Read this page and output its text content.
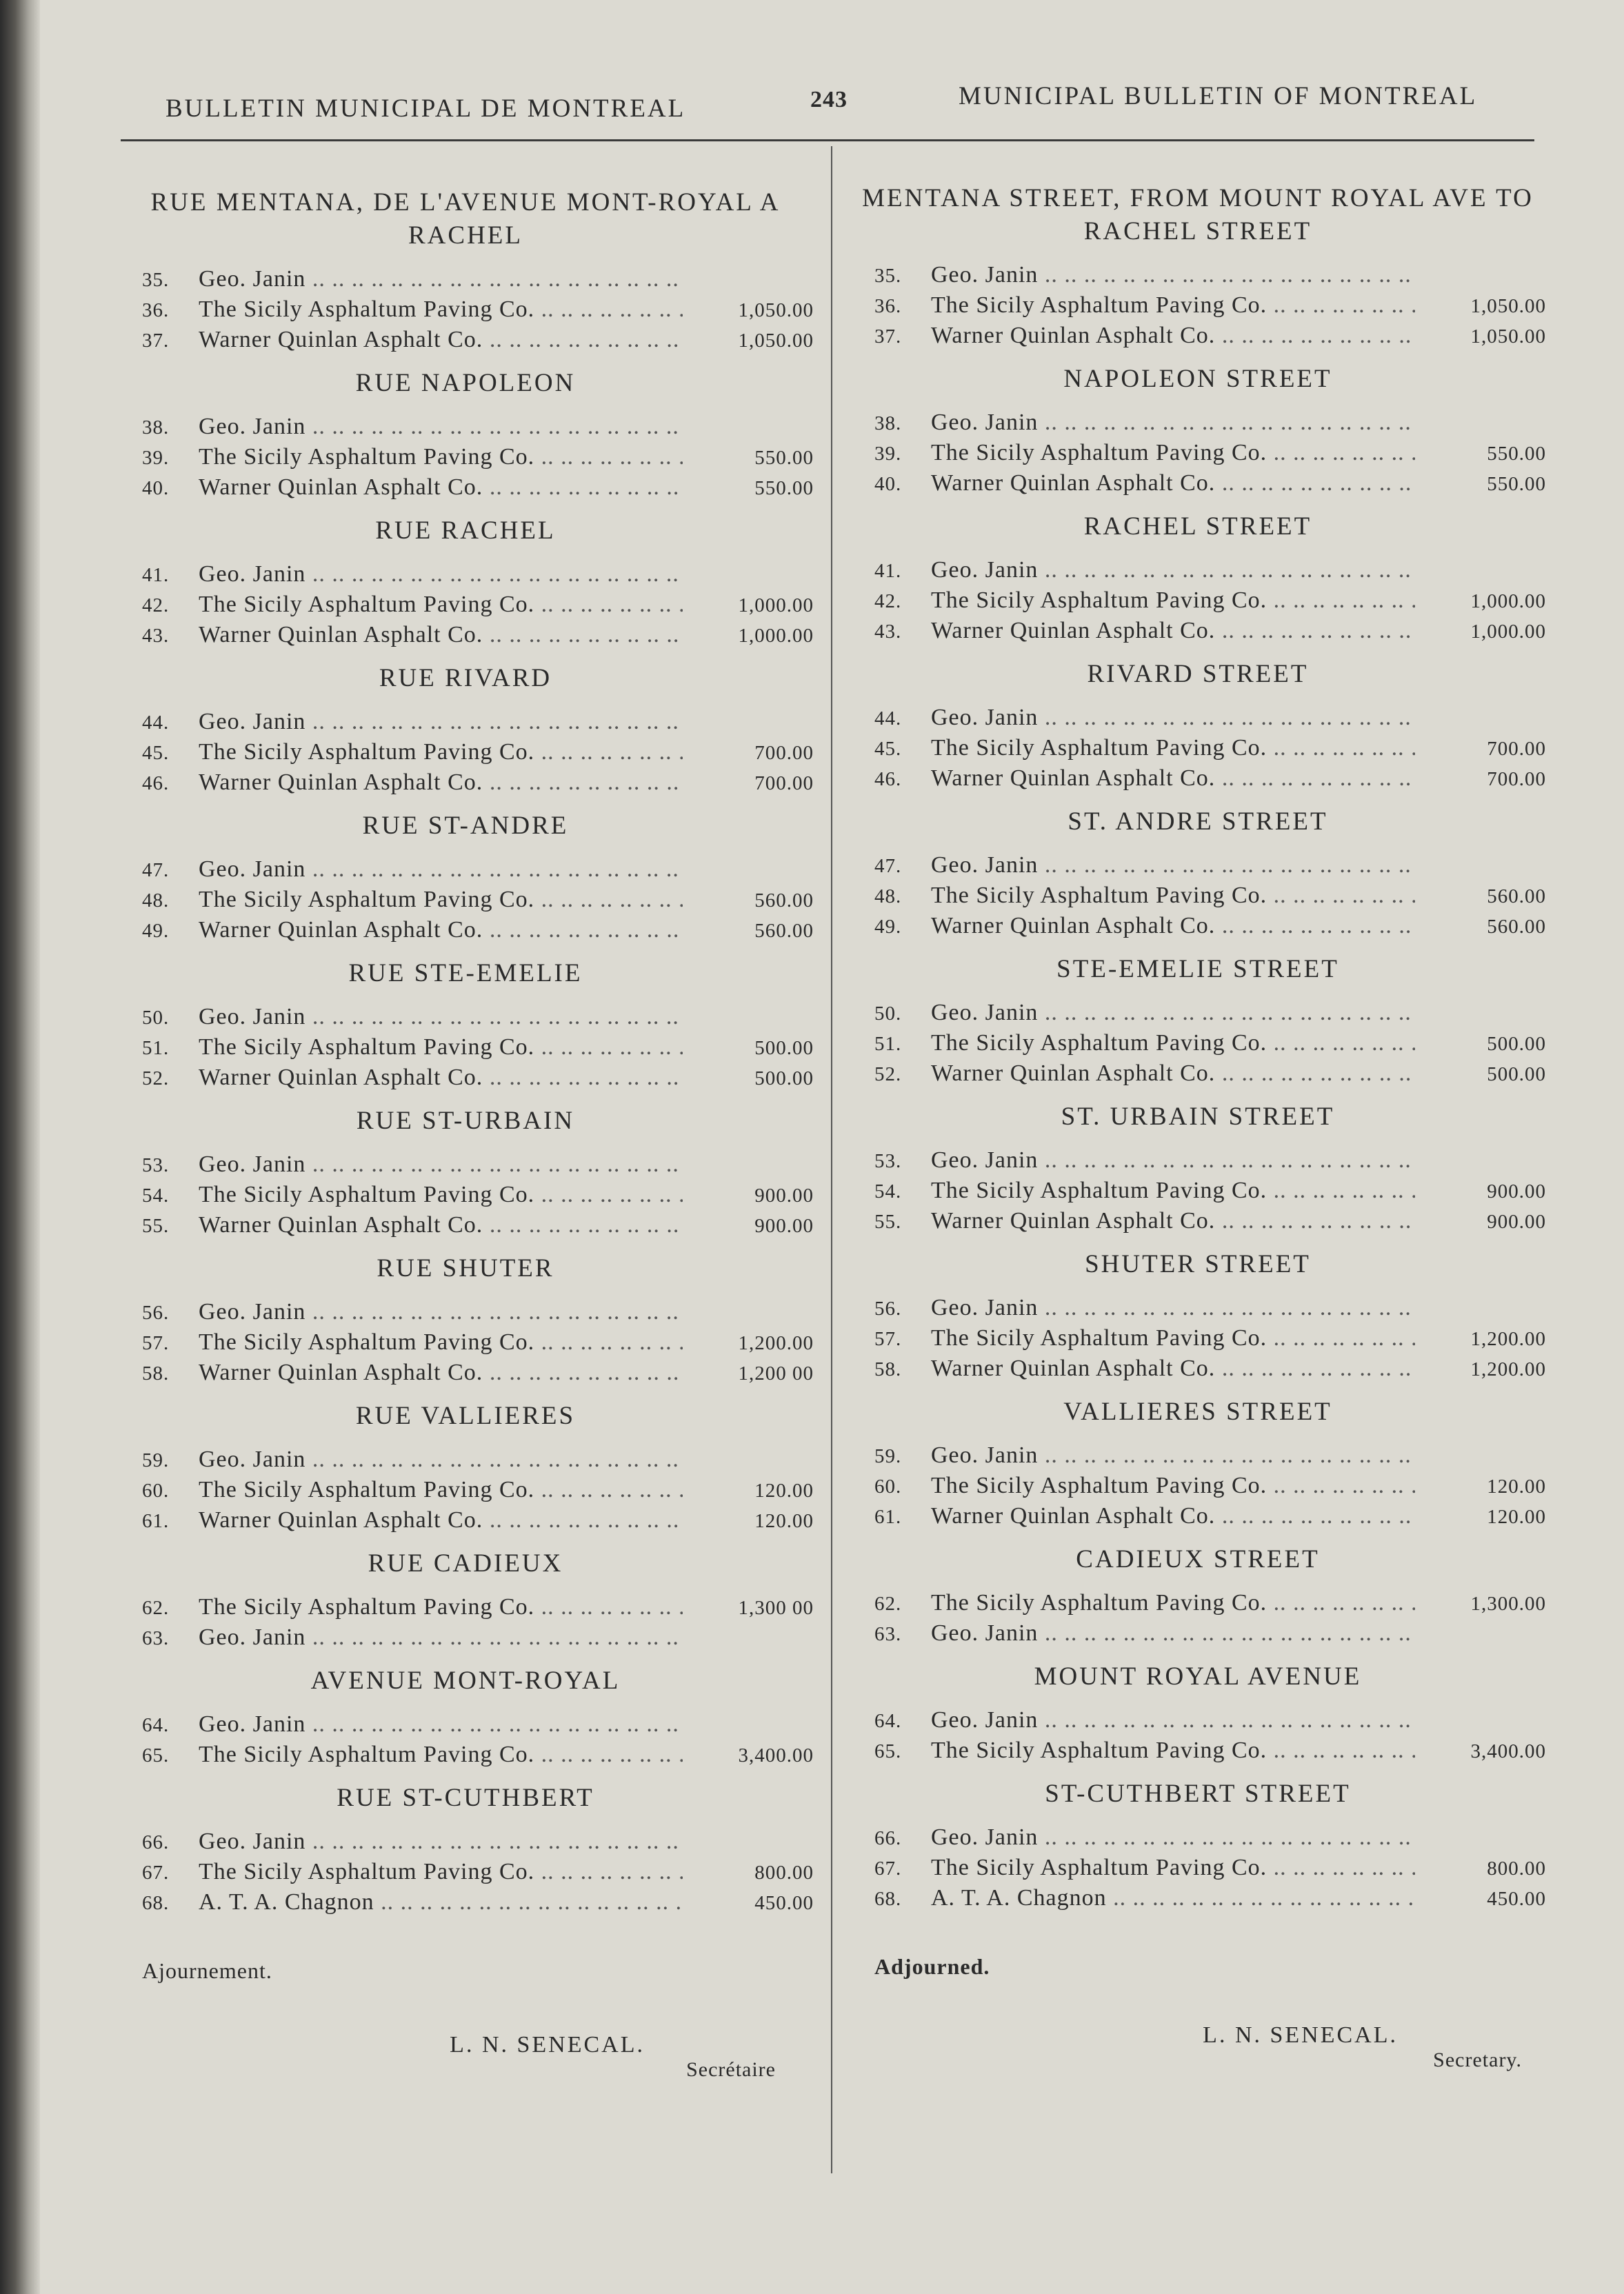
BULLETIN MUNICIPAL DE MONTREAL	243	MUNICIPAL BULLETIN OF MONTREAL
RUE MENTANA, DE L'AVENUE MONT-ROYAL A RACHEL
35.	Geo. Janin .. ..
36.	The Sicily Asphaltum Paving Co. .. ..	1,050.00
37.	Warner Quinlan Asphalt Co. .. ..	1,050.00
RUE NAPOLEON
38.	Geo. Janin .. ..
39.	The Sicily Asphaltum Paving Co. .. ..	550.00
40.	Warner Quinlan Asphalt Co. .. ..	550.00
RUE RACHEL
41.	Geo. Janin .. ..
42.	The Sicily Asphaltum Paving Co. .. ..	1,000.00
43.	Warner Quinlan Asphalt Co. .. ..	1,000.00
RUE RIVARD
44.	Geo. Janin .. ..
45.	The Sicily Asphaltum Paving Co. .. ..	700.00
46.	Warner Quinlan Asphalt Co. .. ..	700.00
RUE ST-ANDRE
47.	Geo. Janin .. ..
48.	The Sicily Asphaltum Paving Co. .. ..	560.00
49.	Warner Quinlan Asphalt Co. .. ..	560.00
RUE STE-EMELIE
50.	Geo. Janin .. ..
51.	The Sicily Asphaltum Paving Co. .. ..	500.00
52.	Warner Quinlan Asphalt Co. .. ..	500.00
RUE ST-URBAIN
53.	Geo. Janin .. ..
54.	The Sicily Asphaltum Paving Co. .. ..	900.00
55.	Warner Quinlan Asphalt Co. .. ..	900.00
RUE SHUTER
56.	Geo. Janin .. ..
57.	The Sicily Asphaltum Paving Co. .. ..	1,200.00
58.	Warner Quinlan Asphalt Co. .. ..	1,200 00
RUE VALLIERES
59.	Geo. Janin .. ..
60.	The Sicily Asphaltum Paving Co. .. ..	120.00
61.	Warner Quinlan Asphalt Co. .. ..	120.00
RUE CADIEUX
62.	The Sicily Asphaltum Paving Co. .. ..	1,300 00
63.	Geo. Janin .. ..
AVENUE MONT-ROYAL
64.	Geo. Janin .. ..
65.	The Sicily Asphaltum Paving Co. .. ..	3,400.00
RUE ST-CUTHBERT
66.	Geo. Janin .. ..
67.	The Sicily Asphaltum Paving Co. .. ..	800.00
68.	A. T. A. Chagnon .. ..	450.00
Ajournement.
L. N. SENECAL.
Secrétaire
MENTANA STREET, FROM MOUNT ROYAL AVE TO RACHEL STREET
35.	Geo. Janin .. ..
36.	The Sicily Asphaltum Paving Co. .. ..	1,050.00
37.	Warner Quinlan Asphalt Co. .. ..	1,050.00
NAPOLEON STREET
38.	Geo. Janin .. ..
39.	The Sicily Asphaltum Paving Co. .. ..	550.00
40.	Warner Quinlan Asphalt Co. .. ..	550.00
RACHEL STREET
41.	Geo. Janin .. ..
42.	The Sicily Asphaltum Paving Co. .. ..	1,000.00
43.	Warner Quinlan Asphalt Co. .. ..	1,000.00
RIVARD STREET
44.	Geo. Janin .. ..
45.	The Sicily Asphaltum Paving Co. .. ..	700.00
46.	Warner Quinlan Asphalt Co. .. ..	700.00
ST. ANDRE STREET
47.	Geo. Janin .. ..
48.	The Sicily Asphaltum Paving Co. .. ..	560.00
49.	Warner Quinlan Asphalt Co. .. ..	560.00
STE-EMELIE STREET
50.	Geo. Janin .. ..
51.	The Sicily Asphaltum Paving Co. .. ..	500.00
52.	Warner Quinlan Asphalt Co. .. ..	500.00
ST. URBAIN STREET
53.	Geo. Janin .. ..
54.	The Sicily Asphaltum Paving Co. .. ..	900.00
55.	Warner Quinlan Asphalt Co. .. ..	900.00
SHUTER STREET
56.	Geo. Janin .. ..
57.	The Sicily Asphaltum Paving Co. .. ..	1,200.00
58.	Warner Quinlan Asphalt Co. .. ..	1,200.00
VALLIERES STREET
59.	Geo. Janin .. ..
60.	The Sicily Asphaltum Paving Co. .. ..	120.00
61.	Warner Quinlan Asphalt Co. .. ..	120.00
CADIEUX STREET
62.	The Sicily Asphaltum Paving Co. .. ..	1,300.00
63.	Geo. Janin .. ..
MOUNT ROYAL AVENUE
64.	Geo. Janin .. ..
65.	The Sicily Asphaltum Paving Co. .. ..	3,400.00
ST-CUTHBERT STREET
66.	Geo. Janin .. ..
67.	The Sicily Asphaltum Paving Co. .. ..	800.00
68.	A. T. A. Chagnon .. ..	450.00
Adjourned.
L. N. SENECAL.
Secretary.
